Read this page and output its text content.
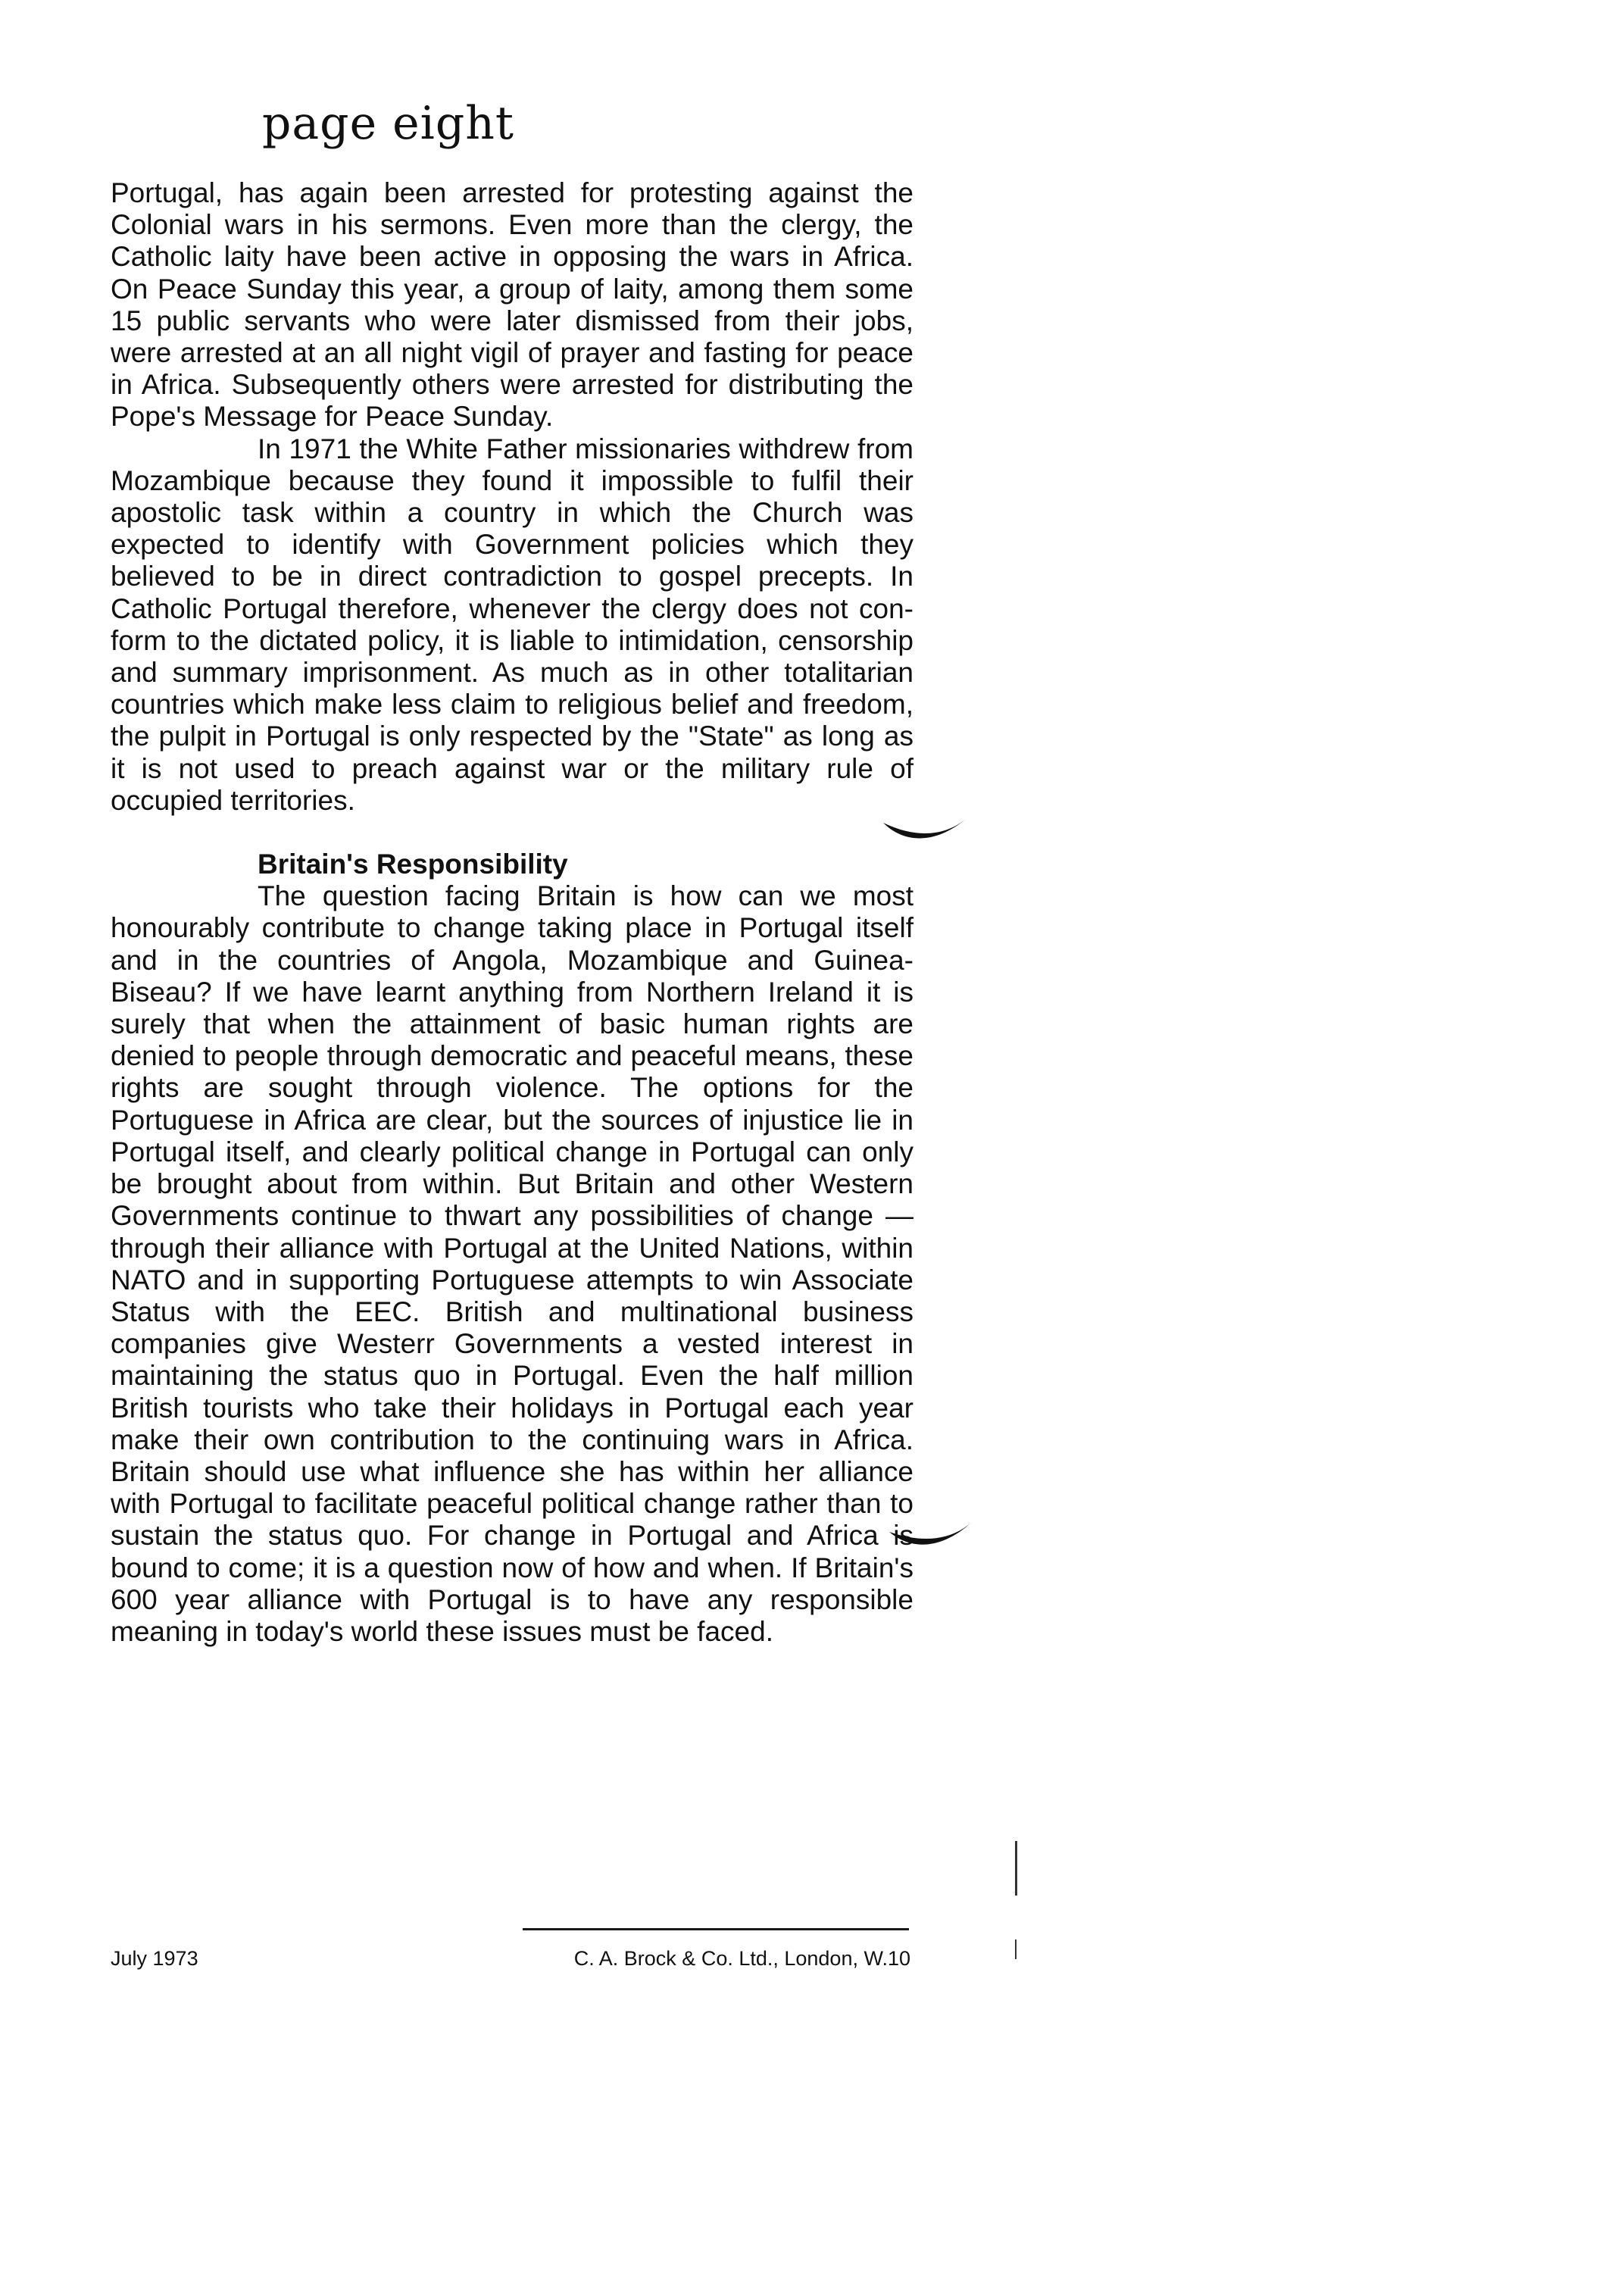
page eight

Portugal, has again been arrested for protesting against the Colonial wars in his sermons. Even more than the clergy, the Catholic laity have been active in opposing the wars in Africa. On Peace Sunday this year, a group of laity, among them some 15 public servants who were later dismissed from their jobs, were arrested at an all night vigil of prayer and fasting for peace in Africa. Subsequently others were arrested for distributing the Pope's Message for Peace Sunday.

In 1971 the White Father missionaries withdrew from Mozambique because they found it impossible to fulfil their apostolic task within a country in which the Church was expected to identify with Government policies which they believed to be in direct contradiction to gospel precepts. In Catholic Portugal therefore, whenever the clergy does not conform to the dictated policy, it is liable to intimidation, censorship and summary imprisonment. As much as in other totalitarian countries which make less claim to religious belief and freedom, the pulpit in Portugal is only respected by the "State" as long as it is not used to preach against war or the military rule of occupied territories.

Britain's Responsibility

The question facing Britain is how can we most honourably contribute to change taking place in Portugal itself and in the countries of Angola, Mozambique and Guinea-Biseau? If we have learnt anything from Northern Ireland it is surely that when the attainment of basic human rights are denied to people through democratic and peaceful means, these rights are sought through violence. The options for the Portuguese in Africa are clear, but the sources of injustice lie in Portugal itself, and clearly political change in Portugal can only be brought about from within. But Britain and other Western Governments continue to thwart any possibilities of change — through their alliance with Portugal at the United Nations, within NATO and in supporting Portuguese attempts to win Associate Status with the EEC. British and multinational business companies give Westerr Governments a vested interest in maintaining the status quo in Portugal. Even the half million British tourists who take their holidays in Portugal each year make their own contribution to the continuing wars in Africa. Britain should use what influence she has within her alliance with Portugal to facilitate peaceful political change rather than to sustain the status quo. For change in Portugal and Africa is bound to come; it is a question now of how and when. If Britain's 600 year alliance with Portugal is to have any responsible meaning in today's world these issues must be faced.

July 1973	C. A. Brock & Co. Ltd., London, W.10
